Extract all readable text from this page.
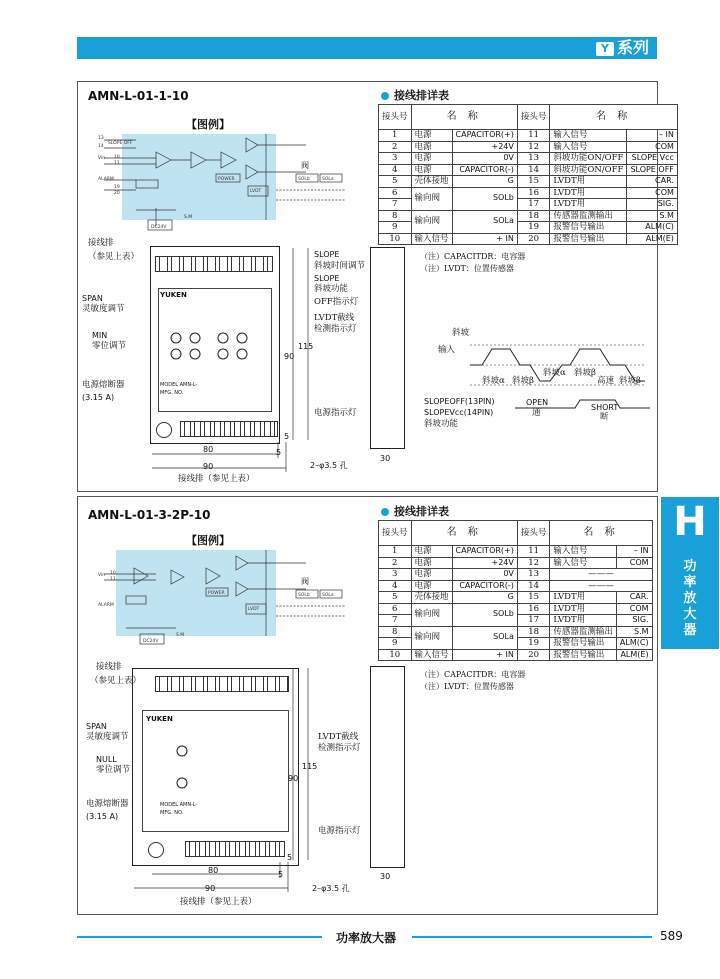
Y 系列
H
功率放大器
AMN-L-01-1-10
【图例】
13
14
SLOPE OFF
Vin 10
11
ALARM
19
20
POWER
LVDT
SOLb	SOLa
DC24V
S.M
阀
接线排详表
接头号	名 称		接头号	名 称	
1	电源	CAPACITOR(+)	11	输入信号	– IN
2	电源	+24V	12	输入信号	COM
3	电源	0V	13	斜坡功能ON/OFF	SLOPE Vcc
4	电源	CAPACITOR(-)	14	斜坡功能ON/OFF	SLOPE OFF
5	壳体接地	G	15	LVDT用	CAR.
6	输向阀	SOLb	16	LVDT用	COM
7			17	LVDT用	SIG.
8	输向阀	SOLa	18	传感器监测输出	S.M
9			19	报警信号输出	ALM(C)
10	输入信号	+ IN	20	报警信号输出	ALM(E)
（注）CAPACITDR：电容器
（注）LVDT：位置传感器
YUKEN
MODEL AMN-L-
MFG. NO.
接线排
（参见上表）
SPAN
灵敏度调节
MIN
零位调节
电源熔断器
(3.15 A)
SLOPE
斜坡时间调节
SLOPE
斜坡功能
OFF指示灯
LVDT截线
检测指示灯
电源指示灯
80
90
5
90
115
5
30
2–φ3.5 孔
接线排（参见上表）
斜坡
输入
斜坡α 斜坡β
斜坡α 斜坡β
高速 斜坡β
SLOPEOFF(13PIN)
SLOPEVcc(14PIN)
斜坡功能
OPEN
通
SHORT
断
AMN-L-01-3-2P-10
【图例】
Vin 10
11
ALARM
POWER
LVDT
SOLb	SOLa
DC24V
S.M
阀
接线排详表
接头号	名 称		接头号	名 称	
1	电源	CAPACITOR(+)	11	输入信号	– IN
2	电源	+24V	12	输入信号	COM
3	电源	0V	13	———	
4	电源	CAPACITOR(-)	14	———	
5	壳体接地	G	15	LVDT用	CAR.
6	输向阀	SOLb	16	LVDT用	COM
7			17	LVDT用	SIG.
8	输向阀	SOLa	18	传感器监测输出	S.M
9			19	报警信号输出	ALM(C)
10	输入信号	+ IN	20	报警信号输出	ALM(E)
（注）CAPACITDR：电容器
（注）LVDT：位置传感器
YUKEN
MODEL AMN-L-
MFG. NO.
接线排
（参见上表）
SPAN
灵敏度调节
NULL
零位调节
电源熔断器
(3.15 A)
LVDT截线
检测指示灯
电源指示灯
80
90
5
90
115
5
30
2–φ3.5 孔
接线排（参见上表）
功率放大器	589
